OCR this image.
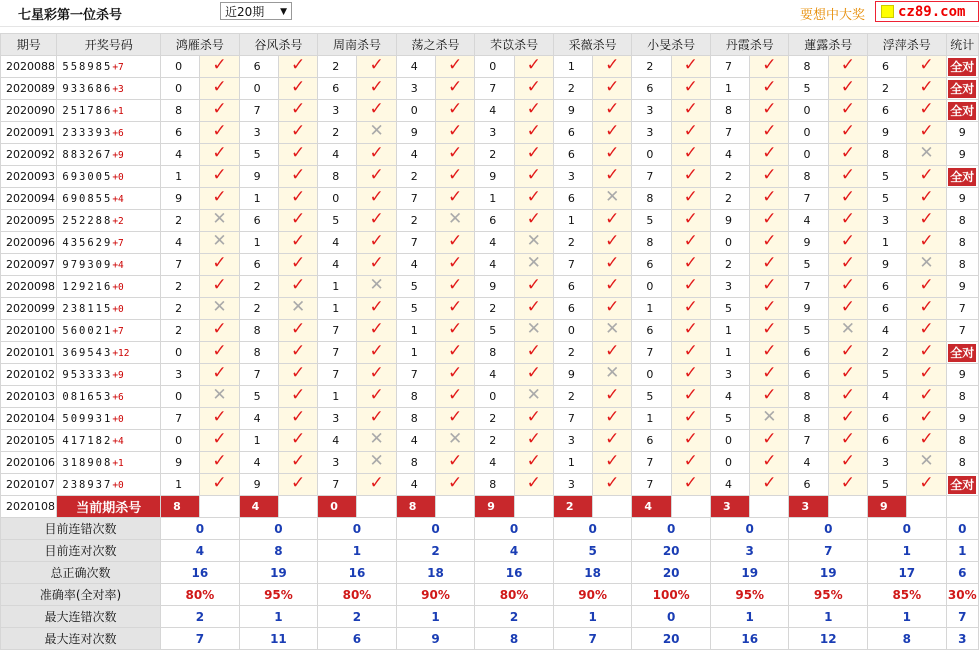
七星彩第一位杀号	近20期 ▼	要想中大奖 cz89.com
期号	开奖号码	鸿雁杀号		谷风杀号		周南杀号		荡之杀号		芣苡杀号		采薇杀号		小旻杀号		丹霞杀号		蓮露杀号		浮萍杀号		统计
2020088	558985+7	0	✓	6	✓	2	✓	4	✓	0	✓	1	✓	2	✓	7	✓	8	✓	6	✓	全对
2020089	933686+3	0	✓	0	✓	6	✓	3	✓	7	✓	2	✓	6	✓	1	✓	5	✓	2	✓	全对
2020090	251786+1	8	✓	7	✓	3	✓	0	✓	4	✓	9	✓	3	✓	8	✓	0	✓	6	✓	全对
2020091	233393+6	6	✓	3	✓	2	✕	9	✓	3	✓	6	✓	3	✓	7	✓	0	✓	9	✓	9
2020092	883267+9	4	✓	5	✓	4	✓	4	✓	2	✓	6	✓	0	✓	4	✓	0	✓	8	✕	9
2020093	693005+0	1	✓	9	✓	8	✓	2	✓	9	✓	3	✓	7	✓	2	✓	8	✓	5	✓	全对
2020094	690855+4	9	✓	1	✓	0	✓	7	✓	1	✓	6	✕	8	✓	2	✓	7	✓	5	✓	9
2020095	252288+2	2	✕	6	✓	5	✓	2	✕	6	✓	1	✓	5	✓	9	✓	4	✓	3	✓	8
2020096	435629+7	4	✕	1	✓	4	✓	7	✓	4	✕	2	✓	8	✓	0	✓	9	✓	1	✓	8
2020097	979309+4	7	✓	6	✓	4	✓	4	✓	4	✕	7	✓	6	✓	2	✓	5	✓	9	✕	8
2020098	129216+0	2	✓	2	✓	1	✕	5	✓	9	✓	6	✓	0	✓	3	✓	7	✓	6	✓	9
2020099	238115+0	2	✕	2	✕	1	✓	5	✓	2	✓	6	✓	1	✓	5	✓	9	✓	6	✓	7
2020100	560021+7	2	✓	8	✓	7	✓	1	✓	5	✕	0	✕	6	✓	1	✓	5	✕	4	✓	7
2020101	369543+12	0	✓	8	✓	7	✓	1	✓	8	✓	2	✓	7	✓	1	✓	6	✓	2	✓	全对
2020102	953333+9	3	✓	7	✓	7	✓	7	✓	4	✓	9	✕	0	✓	3	✓	6	✓	5	✓	9
2020103	081653+6	0	✕	5	✓	1	✓	8	✓	0	✕	2	✓	5	✓	4	✓	8	✓	4	✓	8
2020104	509931+0	7	✓	4	✓	3	✓	8	✓	2	✓	7	✓	1	✓	5	✕	8	✓	6	✓	9
2020105	417182+4	0	✓	1	✓	4	✕	4	✕	2	✓	3	✓	6	✓	0	✓	7	✓	6	✓	8
2020106	318908+1	9	✓	4	✓	3	✕	8	✓	4	✓	1	✓	7	✓	0	✓	4	✓	3	✕	8
2020107	238937+0	1	✓	9	✓	7	✓	4	✓	8	✓	3	✓	7	✓	4	✓	6	✓	5	✓	全对
2020108	当前期杀号	8		4		0		8		9		2		4		3		3		9		
目前连错次数		0		0		0		0		0		0		0		0		0		0		0
目前连对次数		4		8		1		2		4		5		20		3		7		1		1
总正确次数		16		19		16		18		16		18		20		19		19		17		6
准确率(全对率)		80%		95%		80%		90%		80%		90%		100%		95%		95%		85%		30%
最大连错次数		2		1		2		1		2		1		0		1		1		1		7
最大连对次数		7		11		6		9		8		7		20		16		12		8		3
